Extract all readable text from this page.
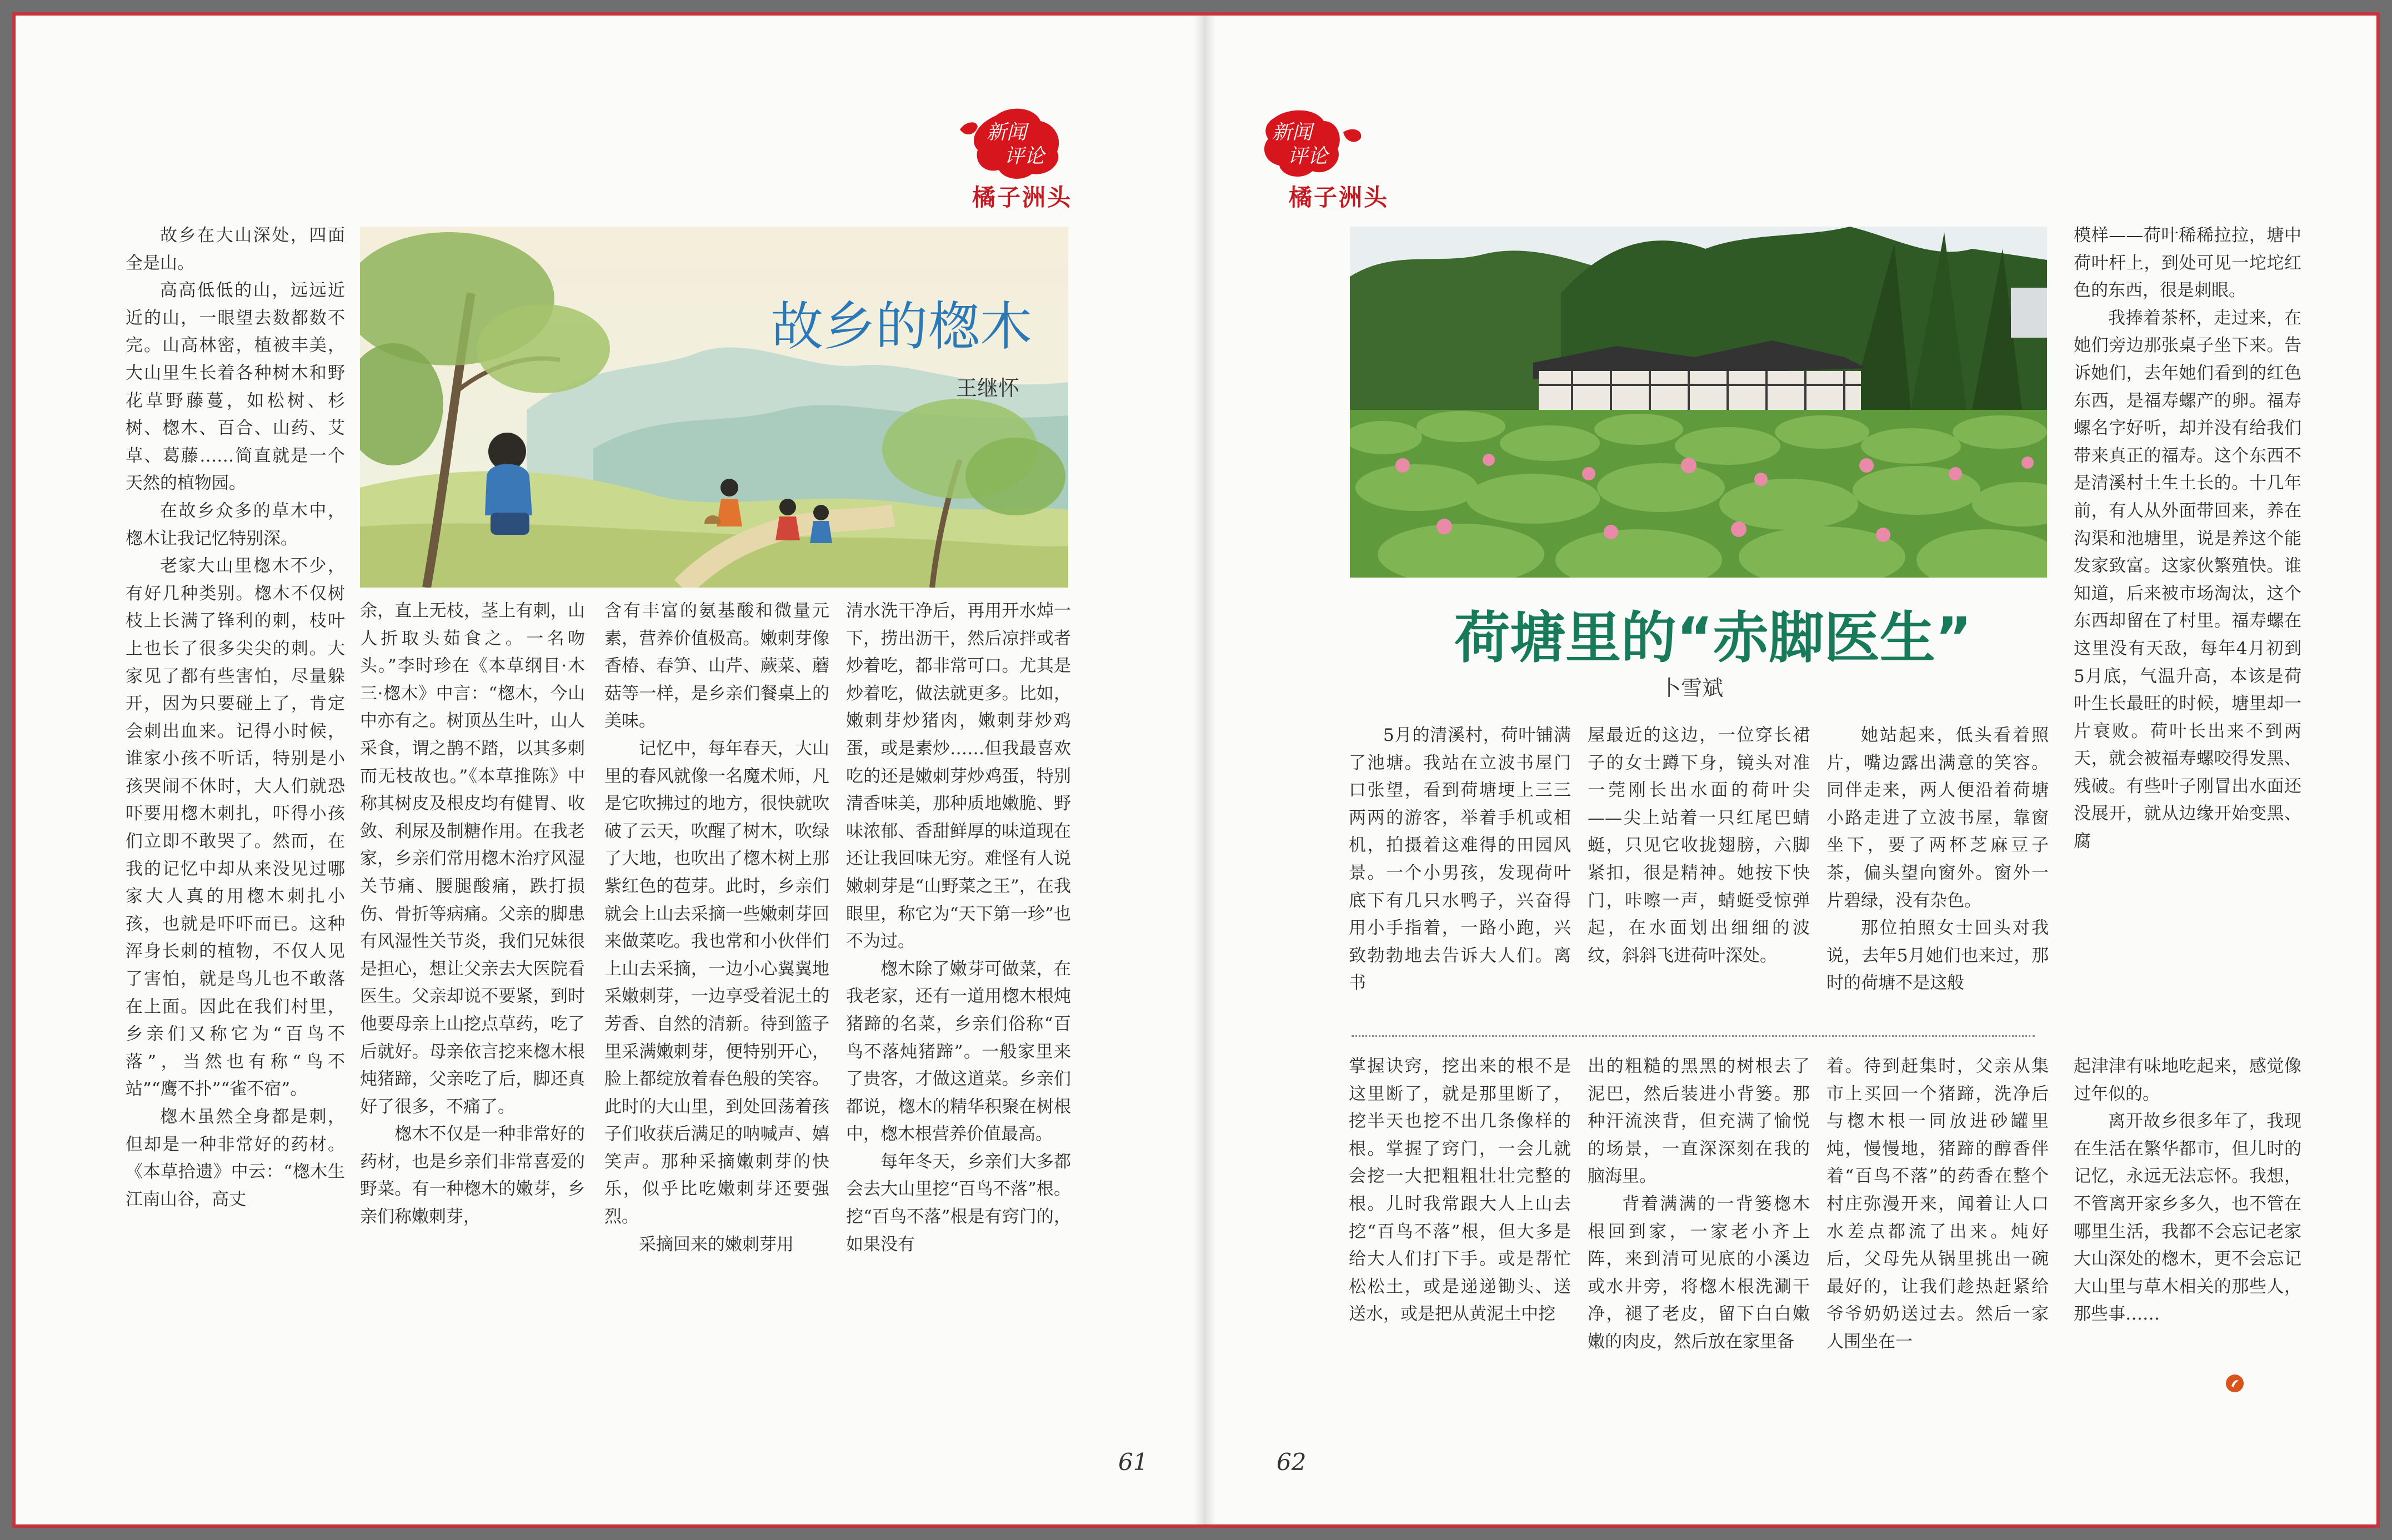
新闻
评论
橘子洲头
新闻
评论
橘子洲头
故乡的楤木
王继怀
荷塘里的“赤脚医生”
卜雪斌

故乡在大山深处，四面全是山。

高高低低的山，远远近近的山，一眼望去数都数不完。山高林密，植被丰美，大山里生长着各种树木和野花草野藤蔓，如松树、杉树、楤木、百合、山药、艾草、葛藤……简直就是一个天然的植物园。

在故乡众多的草木中，楤木让我记忆特别深。

老家大山里楤木不少，有好几种类别。楤木不仅树枝上长满了锋利的刺，枝叶上也长了很多尖尖的刺。大家见了都有些害怕，尽量躲开，因为只要碰上了，肯定会刺出血来。记得小时候，谁家小孩不听话，特别是小孩哭闹不休时，大人们就恐吓要用楤木刺扎，吓得小孩们立即不敢哭了。然而，在我的记忆中却从来没见过哪家大人真的用楤木刺扎小孩，也就是吓吓而已。这种浑身长刺的植物，不仅人见了害怕，就是鸟儿也不敢落在上面。因此在我们村里，乡亲们又称它为“百鸟不落”，当然也有称“鸟不站”“鹰不扑”“雀不宿”。

楤木虽然全身都是刺，但却是一种非常好的药材。《本草拾遗》中云：“楤木生江南山谷，高丈

余，直上无枝，茎上有刺，山人折取头茹食之。一名吻头。”李时珍在《本草纲目·木三·楤木》中言：“楤木，今山中亦有之。树顶丛生叶，山人采食，谓之鹊不踏，以其多刺而无枝故也。”《本草推陈》中称其树皮及根皮均有健胃、收敛、利尿及制糖作用。在我老家，乡亲们常用楤木治疗风湿关节痛、腰腿酸痛，跌打损伤、骨折等病痛。父亲的脚患有风湿性关节炎，我们兄妹很是担心，想让父亲去大医院看医生。父亲却说不要紧，到时他要母亲上山挖点草药，吃了后就好。母亲依言挖来楤木根炖猪蹄，父亲吃了后，脚还真好了很多，不痛了。

楤木不仅是一种非常好的药材，也是乡亲们非常喜爱的野菜。有一种楤木的嫩芽，乡亲们称嫩刺芽，

含有丰富的氨基酸和微量元素，营养价值极高。嫩刺芽像香椿、春笋、山芹、蕨菜、蘑菇等一样，是乡亲们餐桌上的美味。

记忆中，每年春天，大山里的春风就像一名魔术师，凡是它吹拂过的地方，很快就吹破了云天，吹醒了树木，吹绿了大地，也吹出了楤木树上那紫红色的苞芽。此时，乡亲们就会上山去采摘一些嫩刺芽回来做菜吃。我也常和小伙伴们上山去采摘，一边小心翼翼地采嫩刺芽，一边享受着泥土的芳香、自然的清新。待到篮子里采满嫩刺芽，便特别开心，脸上都绽放着春色般的笑容。此时的大山里，到处回荡着孩子们收获后满足的呐喊声、嬉笑声。那种采摘嫩刺芽的快乐，似乎比吃嫩刺芽还要强烈。

采摘回来的嫩刺芽用

清水洗干净后，再用开水焯一下，捞出沥干，然后凉拌或者炒着吃，都非常可口。尤其是炒着吃，做法就更多。比如，嫩刺芽炒猪肉，嫩刺芽炒鸡蛋，或是素炒……但我最喜欢吃的还是嫩刺芽炒鸡蛋，特别清香味美，那种质地嫩脆、野味浓郁、香甜鲜厚的味道现在还让我回味无穷。难怪有人说嫩刺芽是“山野菜之王”，在我眼里，称它为“天下第一珍”也不为过。

楤木除了嫩芽可做菜，在我老家，还有一道用楤木根炖猪蹄的名菜，乡亲们俗称“百鸟不落炖猪蹄”。一般家里来了贵客，才做这道菜。乡亲们都说，楤木的精华积聚在树根中，楤木根营养价值最高。

每年冬天，乡亲们大多都会去大山里挖“百鸟不落”根。挖“百鸟不落”根是有窍门的，如果没有

5月的清溪村，荷叶铺满了池塘。我站在立波书屋门口张望，看到荷塘埂上三三两两的游客，举着手机或相机，拍摄着这难得的田园风景。一个小男孩，发现荷叶底下有几只水鸭子，兴奋得用小手指着，一路小跑，兴致勃勃地去告诉大人们。离书

屋最近的这边，一位穿长裙子的女士蹲下身，镜头对准一莞刚长出水面的荷叶尖——尖上站着一只红尾巴蜻蜓，只见它收拢翅膀，六脚紧扣，很是精神。她按下快门，咔嚓一声，蜻蜓受惊弹起，在水面划出细细的波纹，斜斜飞进荷叶深处。

她站起来，低头看着照片，嘴边露出满意的笑容。同伴走来，两人便沿着荷塘小路走进了立波书屋，靠窗坐下，要了两杯芝麻豆子茶，偏头望向窗外。窗外一片碧绿，没有杂色。

那位拍照女士回头对我说，去年5月她们也来过，那时的荷塘不是这般

模样——荷叶稀稀拉拉，塘中荷叶杆上，到处可见一坨坨红色的东西，很是刺眼。

我捧着茶杯，走过来，在她们旁边那张桌子坐下来。告诉她们，去年她们看到的红色东西，是福寿螺产的卵。福寿螺名字好听，却并没有给我们带来真正的福寿。这个东西不是清溪村土生土长的。十几年前，有人从外面带回来，养在沟渠和池塘里，说是养这个能发家致富。这家伙繁殖快。谁知道，后来被市场淘汰，这个东西却留在了村里。福寿螺在这里没有天敌，每年4月初到5月底，气温升高，本该是荷叶生长最旺的时候，塘里却一片衰败。荷叶长出来不到两天，就会被福寿螺咬得发黑、残破。有些叶子刚冒出水面还没展开，就从边缘开始变黑、腐

掌握诀窍，挖出来的根不是这里断了，就是那里断了，挖半天也挖不出几条像样的根。掌握了窍门，一会儿就会挖一大把粗粗壮壮完整的根。儿时我常跟大人上山去挖“百鸟不落”根，但大多是给大人们打下手。或是帮忙松松土，或是递递锄头、送送水，或是把从黄泥土中挖

出的粗糙的黑黑的树根去了泥巴，然后装进小背篓。那种汗流浃背，但充满了愉悦的场景，一直深深刻在我的脑海里。

背着满满的一背篓楤木根回到家，一家老小齐上阵，来到清可见底的小溪边或水井旁，将楤木根洗涮干净，褪了老皮，留下白白嫩嫩的肉皮，然后放在家里备

着。待到赶集时，父亲从集市上买回一个猪蹄，洗净后与楤木根一同放进砂罐里炖，慢慢地，猪蹄的醇香伴着“百鸟不落”的药香在整个村庄弥漫开来，闻着让人口水差点都流了出来。炖好后，父母先从锅里挑出一碗最好的，让我们趁热赶紧给爷爷奶奶送过去。然后一家人围坐在一

起津津有味地吃起来，感觉像过年似的。

离开故乡很多年了，我现在生活在繁华都市，但儿时的记忆，永远无法忘怀。我想，不管离开家乡多久，也不管在哪里生活，我都不会忘记老家大山深处的楤木，更不会忘记大山里与草木相关的那些人，那些事……

61	62
